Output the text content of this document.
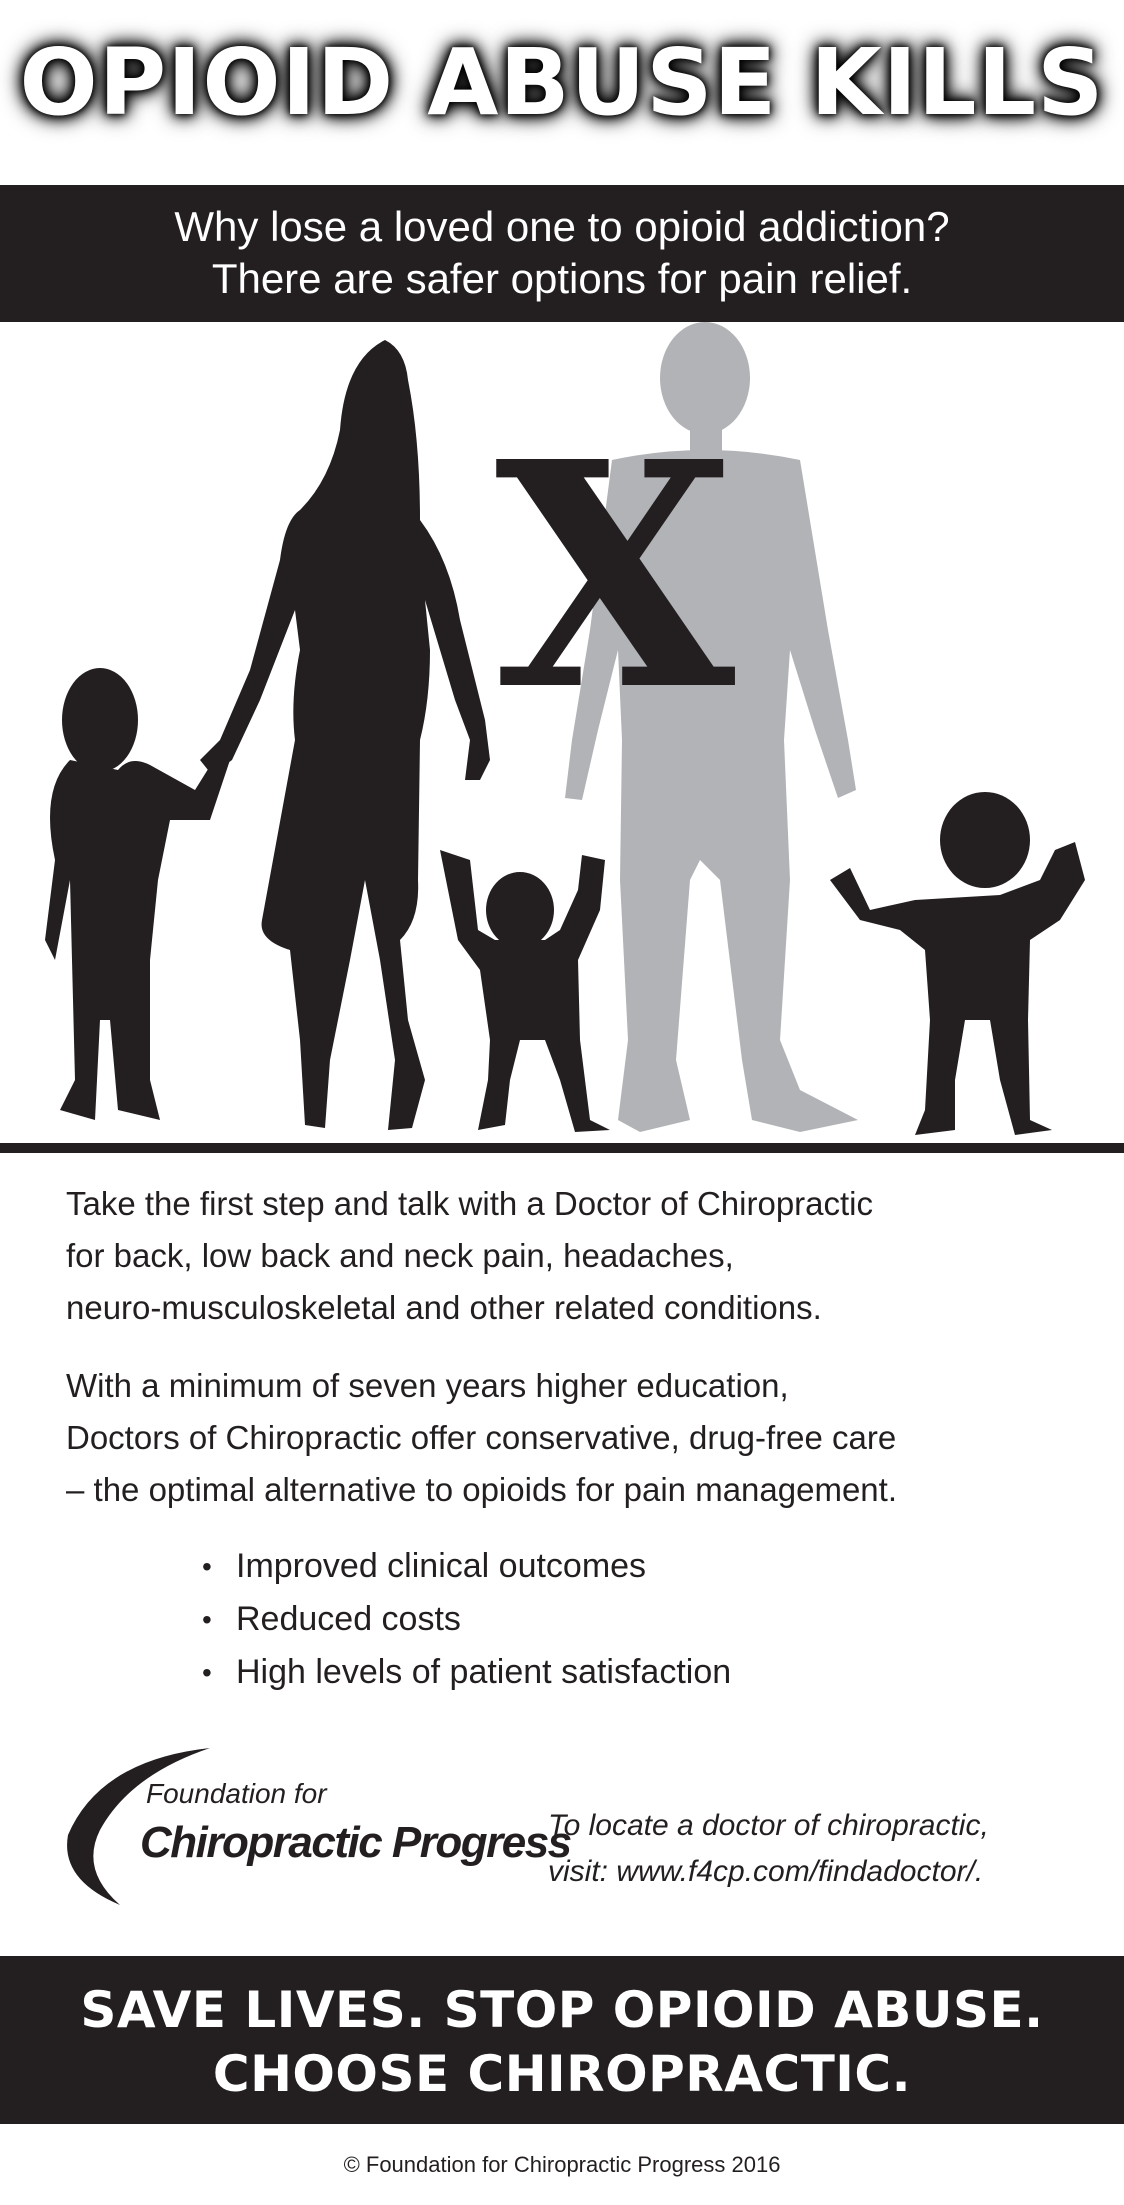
OPIOID ABUSE KILLS
Why lose a loved one to opioid addiction?
There are safer options for pain relief.
X

Take the first step and talk with a Doctor of Chiropractic
for back, low back and neck pain, headaches,
neuro-musculoskeletal and other related conditions.

With a minimum of seven years higher education,
Doctors of Chiropractic offer conservative, drug-free care
– the optimal alternative to opioids for pain management.

• Improved clinical outcomes
• Reduced costs
• High levels of patient satisfaction
Foundation for
Chiropractic Progress
To locate a doctor of chiropractic,
visit: www.f4cp.com/findadoctor/.
SAVE LIVES. STOP OPIOID ABUSE.
CHOOSE CHIROPRACTIC.
© Foundation for Chiropractic Progress 2016
